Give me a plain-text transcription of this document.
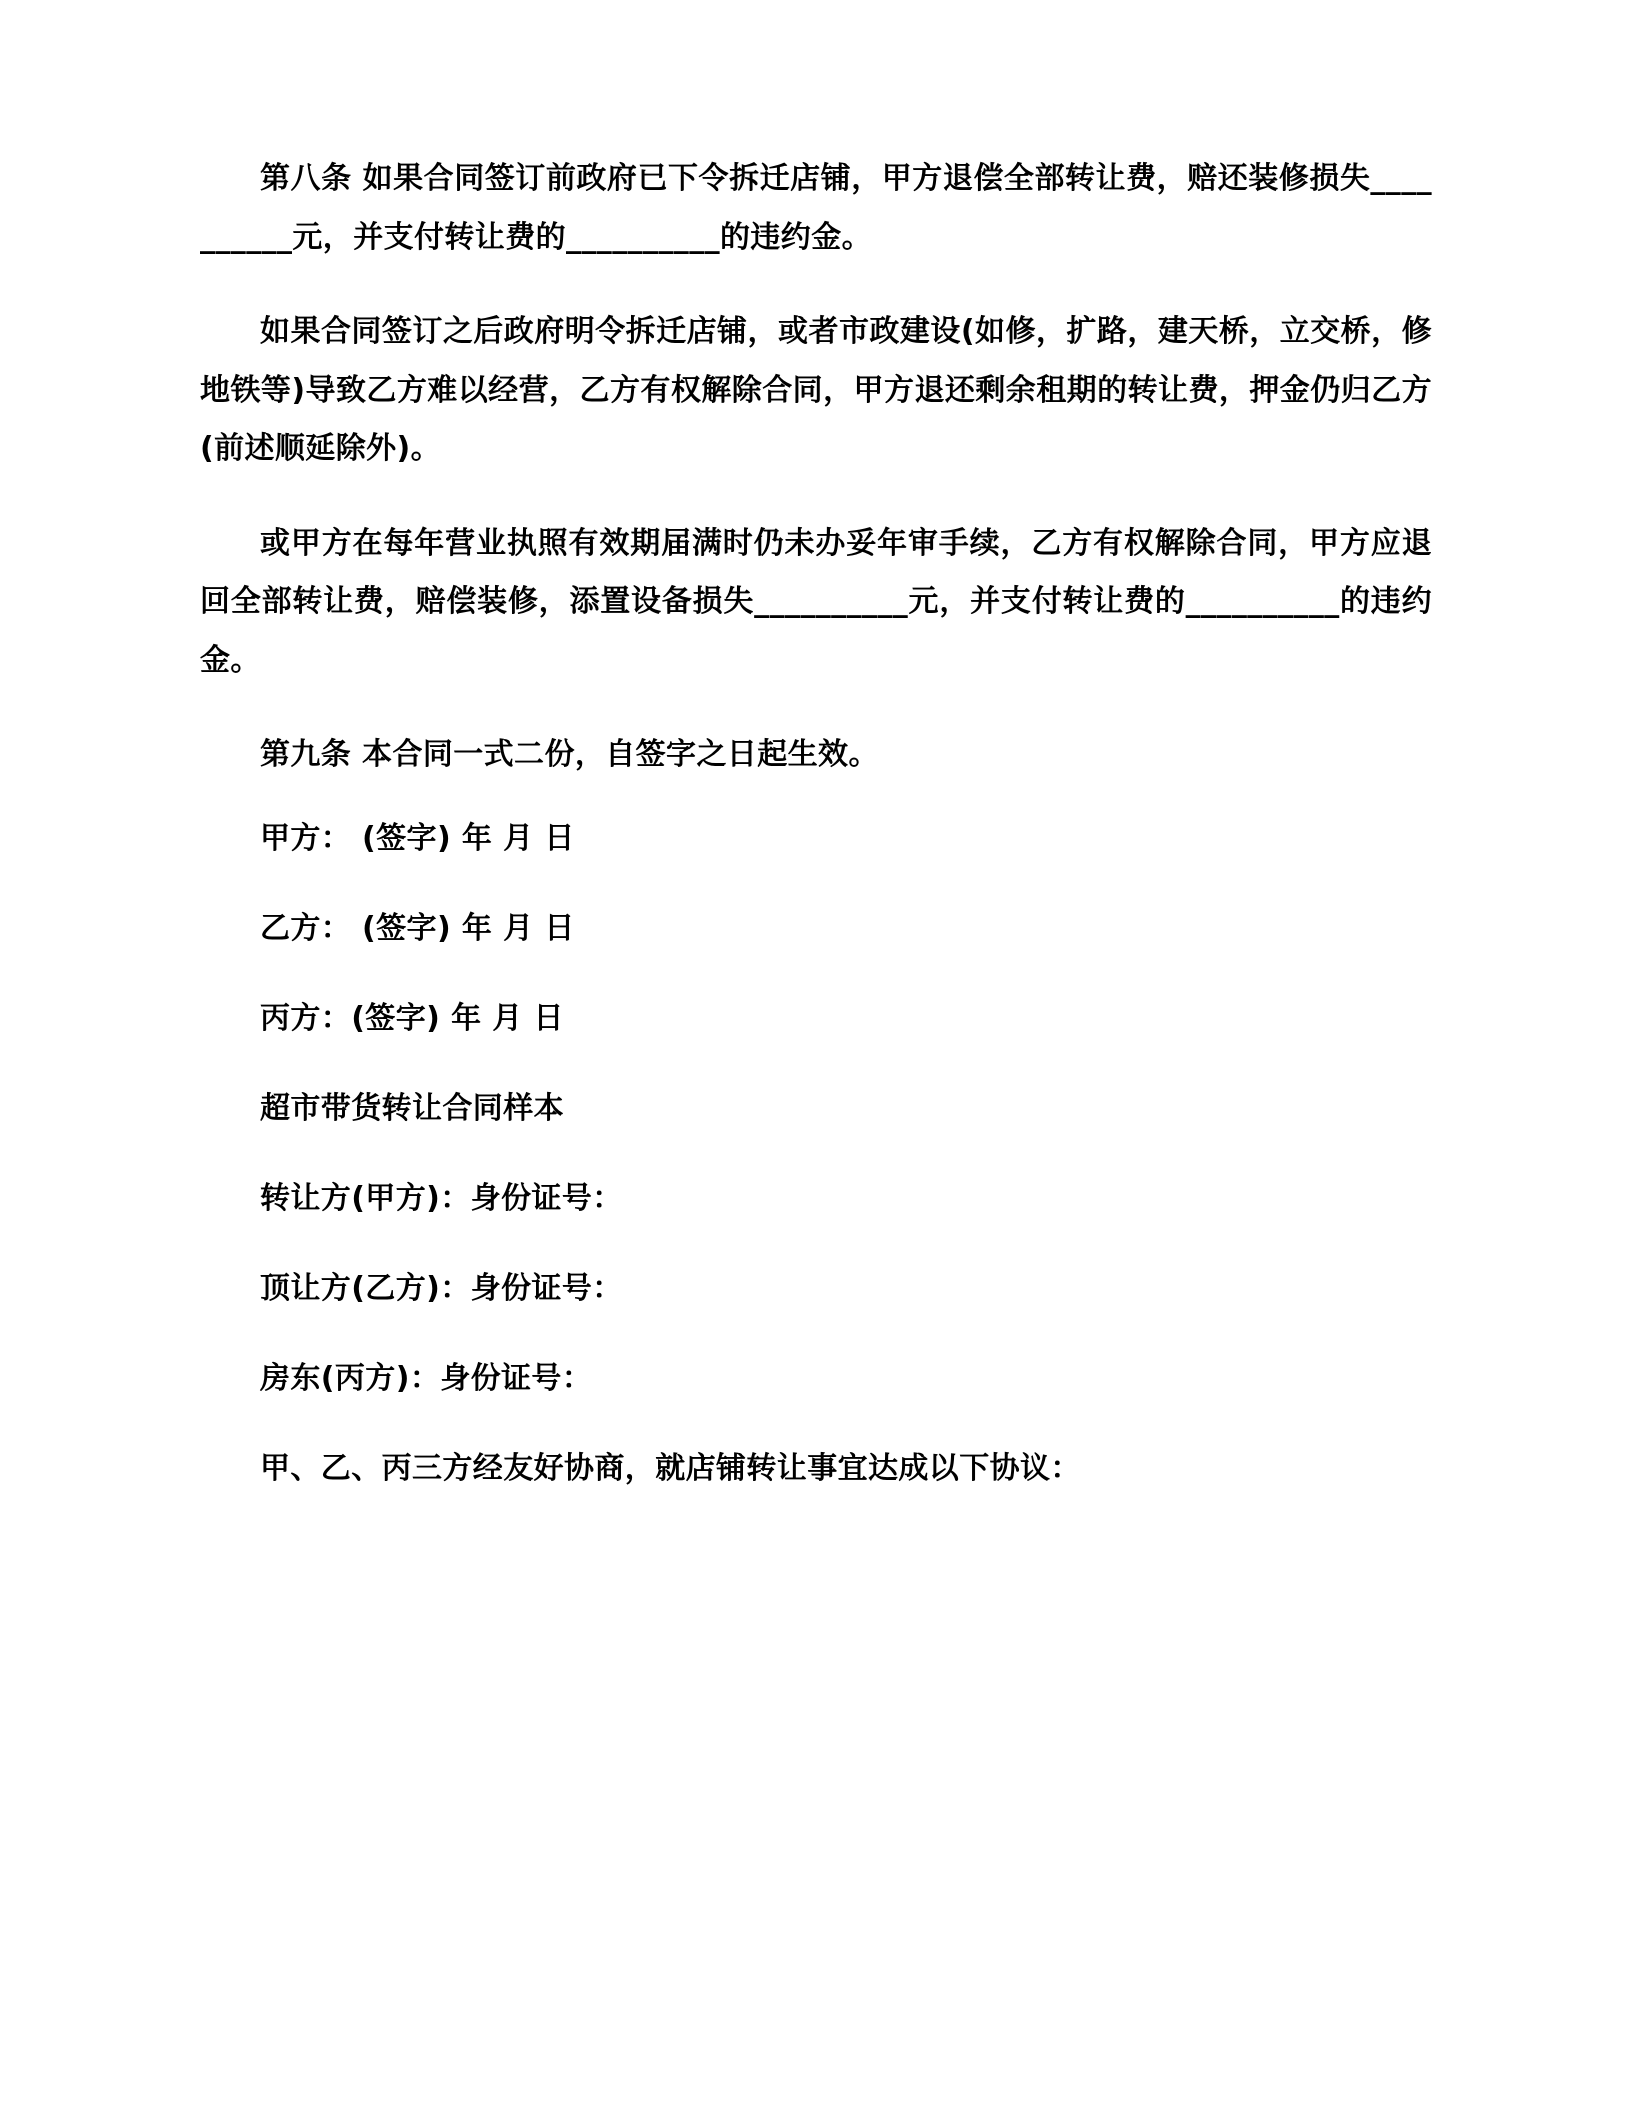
第八条 如果合同签订前政府已下令拆迁店铺，甲方退偿全部转让费，赔还装修损失__________元，并支付转让费的__________的违约金。

如果合同签订之后政府明令拆迁店铺，或者市政建设(如修，扩路，建天桥，立交桥，修地铁等)导致乙方难以经营，乙方有权解除合同，甲方退还剩余租期的转让费，押金仍归乙方(前述顺延除外)。

或甲方在每年营业执照有效期届满时仍未办妥年审手续，乙方有权解除合同，甲方应退回全部转让费，赔偿装修，添置设备损失__________元，并支付转让费的__________的违约金。

第九条 本合同一式二份，自签字之日起生效。

甲方： (签字) 年 月 日

乙方： (签字) 年 月 日

丙方：(签字) 年 月 日

超市带货转让合同样本

转让方(甲方)：身份证号：

顶让方(乙方)：身份证号：

房东(丙方)：身份证号：

甲、乙、丙三方经友好协商，就店铺转让事宜达成以下协议：
